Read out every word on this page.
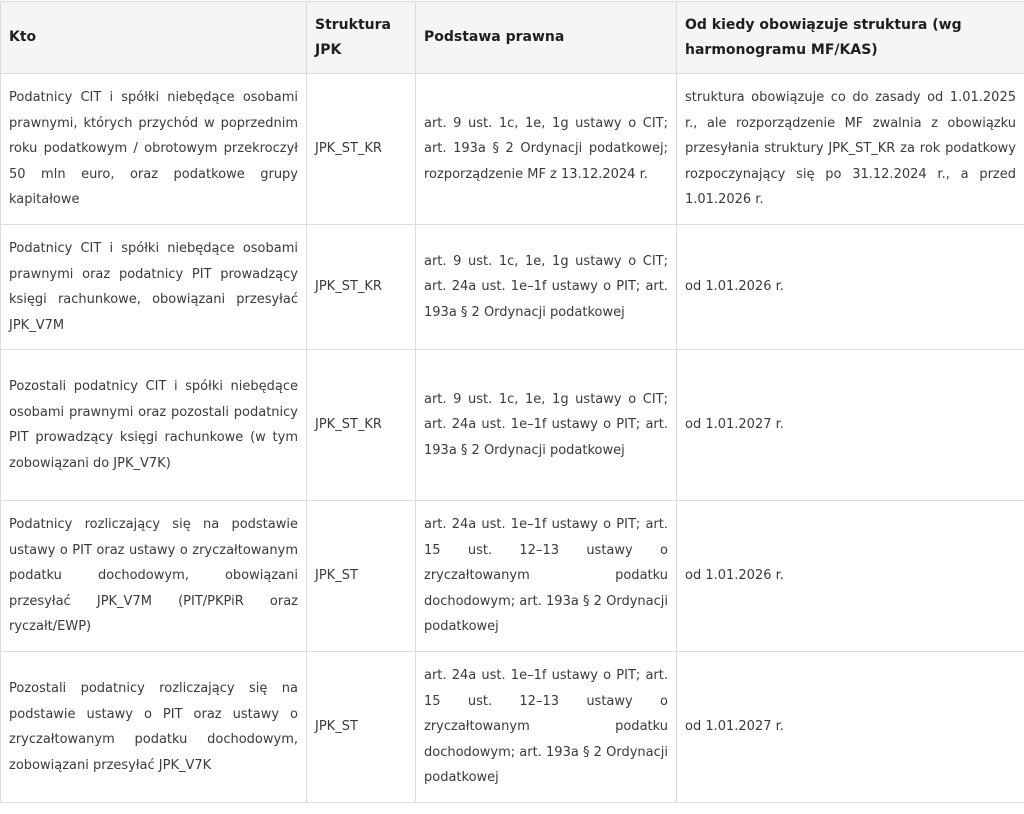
Kto	Struktura JPK	Podstawa prawna	Od kiedy obowiązuje struktura (wg harmonogramu MF/KAS)
Podatnicy CIT i spółki niebędące osobami prawnymi, których przychód w poprzednim roku podatkowym / obrotowym przekroczył 50 mln euro, oraz podatkowe grupy kapitałowe	JPK_ST_KR	art. 9 ust. 1c, 1e, 1g ustawy o CIT; art. 193a § 2 Ordynacji podatkowej; rozporządzenie MF z 13.12.2024 r.	struktura obowiązuje co do zasady od 1.01.2025 r., ale rozporządzenie MF zwalnia z obowiązku przesyłania struktury JPK_ST_KR za rok podatkowy rozpoczynający się po 31.12.2024 r., a przed 1.01.2026 r.
Podatnicy CIT i spółki niebędące osobami prawnymi oraz podatnicy PIT prowadzący księgi rachunkowe, obowiązani przesyłać JPK_V7M	JPK_ST_KR	art. 9 ust. 1c, 1e, 1g ustawy o CIT; art. 24a ust. 1e–1f ustawy o PIT; art. 193a § 2 Ordynacji podatkowej	od 1.01.2026 r.
Pozostali podatnicy CIT i spółki niebędące osobami prawnymi oraz pozostali podatnicy PIT prowadzący księgi rachunkowe (w tym zobowiązani do JPK_V7K)	JPK_ST_KR	art. 9 ust. 1c, 1e, 1g ustawy o CIT; art. 24a ust. 1e–1f ustawy o PIT; art. 193a § 2 Ordynacji podatkowej	od 1.01.2027 r.
Podatnicy rozliczający się na podstawie ustawy o PIT oraz ustawy o zryczałtowanym podatku dochodowym, obowiązani przesyłać JPK_V7M (PIT/PKPiR oraz ryczałt/EWP)	JPK_ST	art. 24a ust. 1e–1f ustawy o PIT; art. 15 ust. 12–13 ustawy o zryczałtowanym podatku dochodowym; art. 193a § 2 Ordynacji podatkowej	od 1.01.2026 r.
Pozostali podatnicy rozliczający się na podstawie ustawy o PIT oraz ustawy o zryczałtowanym podatku dochodowym, zobowiązani przesyłać JPK_V7K	JPK_ST	art. 24a ust. 1e–1f ustawy o PIT; art. 15 ust. 12–13 ustawy o zryczałtowanym podatku dochodowym; art. 193a § 2 Ordynacji podatkowej	od 1.01.2027 r.
